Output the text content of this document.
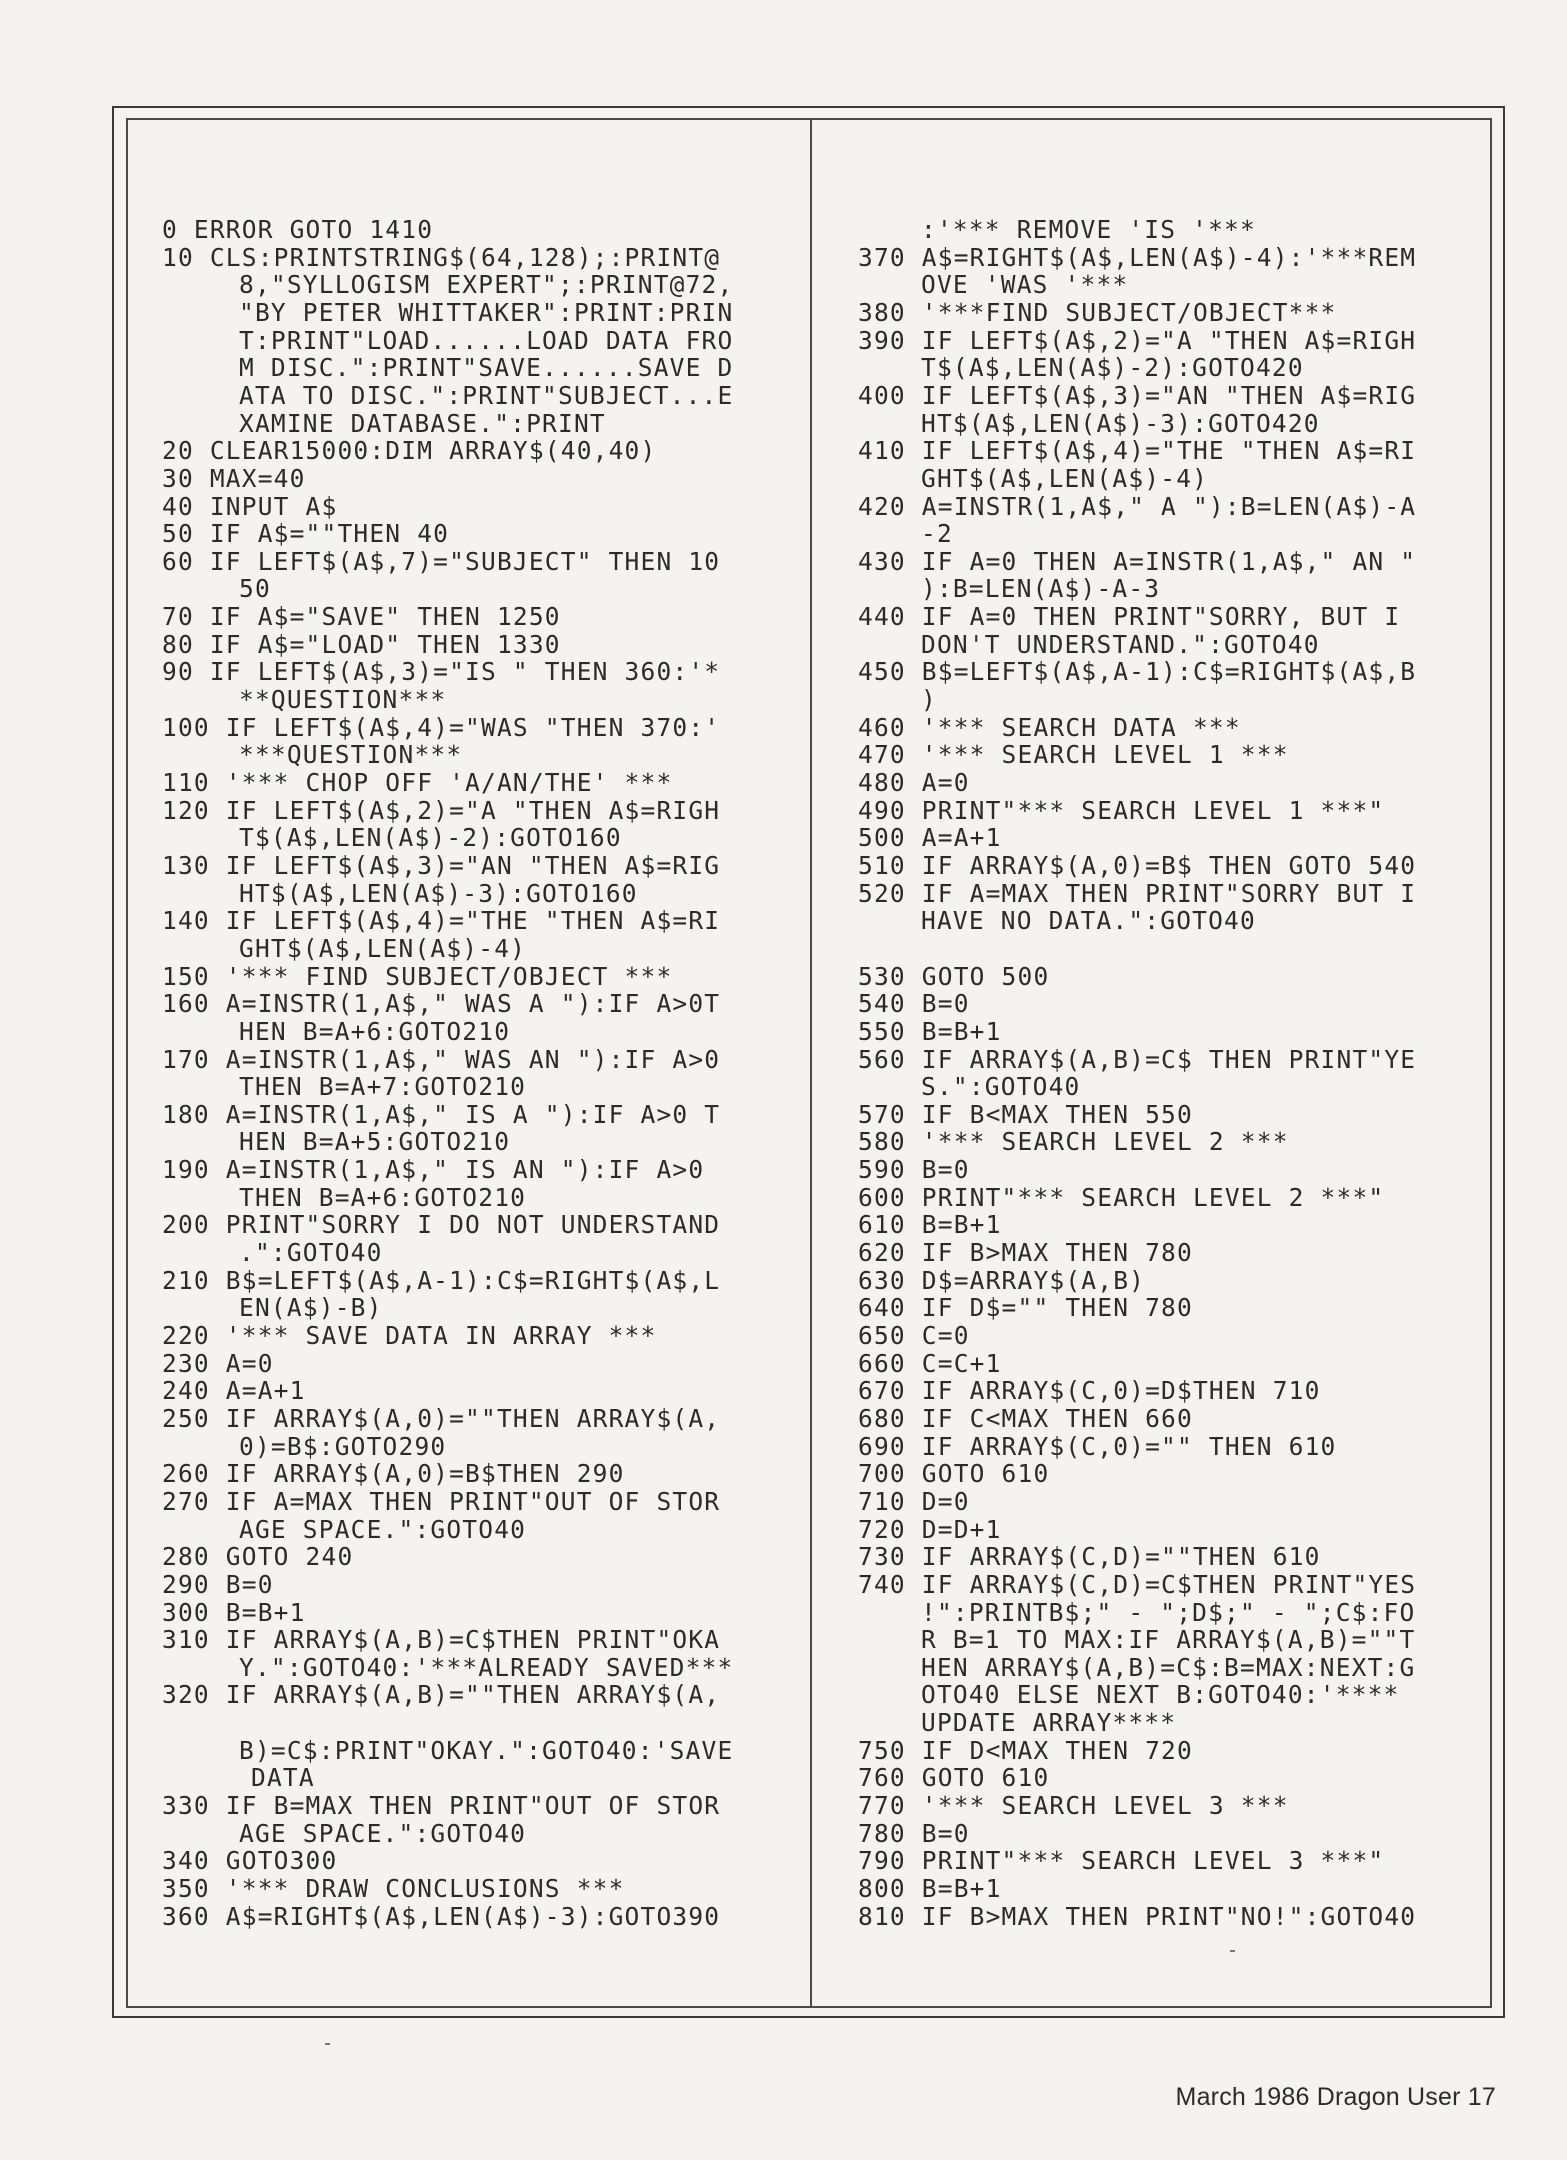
0 ERROR GOTO 1410
10 CLS:PRINTSTRING$(64,128);:PRINT@
8,"SYLLOGISM EXPERT";:PRINT@72,
"BY PETER WHITTAKER":PRINT:PRIN
T:PRINT"LOAD......LOAD DATA FRO
M DISC.":PRINT"SAVE......SAVE D
ATA TO DISC.":PRINT"SUBJECT...E
XAMINE DATABASE.":PRINT
20 CLEAR15000:DIM ARRAY$(40,40)
30 MAX=40
40 INPUT A$
50 IF A$=""THEN 40
60 IF LEFT$(A$,7)="SUBJECT" THEN 10
50
70 IF A$="SAVE" THEN 1250
80 IF A$="LOAD" THEN 1330
90 IF LEFT$(A$,3)="IS " THEN 360:'*
**QUESTION***
100 IF LEFT$(A$,4)="WAS "THEN 370:'
***QUESTION***
110 '*** CHOP OFF 'A/AN/THE' ***
120 IF LEFT$(A$,2)="A "THEN A$=RIGH
T$(A$,LEN(A$)-2):GOTO160
130 IF LEFT$(A$,3)="AN "THEN A$=RIG
HT$(A$,LEN(A$)-3):GOTO160
140 IF LEFT$(A$,4)="THE "THEN A$=RI
GHT$(A$,LEN(A$)-4)
150 '*** FIND SUBJECT/OBJECT ***
160 A=INSTR(1,A$," WAS A "):IF A>0T
HEN B=A+6:GOTO210
170 A=INSTR(1,A$," WAS AN "):IF A>0
THEN B=A+7:GOTO210
180 A=INSTR(1,A$," IS A "):IF A>0 T
HEN B=A+5:GOTO210
190 A=INSTR(1,A$," IS AN "):IF A>0
THEN B=A+6:GOTO210
200 PRINT"SORRY I DO NOT UNDERSTAND
.":GOTO40
210 B$=LEFT$(A$,A-1):C$=RIGHT$(A$,L
EN(A$)-B)
220 '*** SAVE DATA IN ARRAY ***
230 A=0
240 A=A+1
250 IF ARRAY$(A,0)=""THEN ARRAY$(A,
0)=B$:GOTO290
260 IF ARRAY$(A,0)=B$THEN 290
270 IF A=MAX THEN PRINT"OUT OF STOR
AGE SPACE.":GOTO40
280 GOTO 240
290 B=0
300 B=B+1
310 IF ARRAY$(A,B)=C$THEN PRINT"OKA
Y.":GOTO40:'***ALREADY SAVED***
320 IF ARRAY$(A,B)=""THEN ARRAY$(A,
B)=C$:PRINT"OKAY.":GOTO40:'SAVE
DATA
330 IF B=MAX THEN PRINT"OUT OF STOR
AGE SPACE.":GOTO40
340 GOTO300
350 '*** DRAW CONCLUSIONS ***
360 A$=RIGHT$(A$,LEN(A$)-3):GOTO390
:'*** REMOVE 'IS '***
370 A$=RIGHT$(A$,LEN(A$)-4):'***REM
OVE 'WAS '***
380 '***FIND SUBJECT/OBJECT***
390 IF LEFT$(A$,2)="A "THEN A$=RIGH
T$(A$,LEN(A$)-2):GOTO420
400 IF LEFT$(A$,3)="AN "THEN A$=RIG
HT$(A$,LEN(A$)-3):GOTO420
410 IF LEFT$(A$,4)="THE "THEN A$=RI
GHT$(A$,LEN(A$)-4)
420 A=INSTR(1,A$," A "):B=LEN(A$)-A
-2
430 IF A=0 THEN A=INSTR(1,A$," AN "
):B=LEN(A$)-A-3
440 IF A=0 THEN PRINT"SORRY, BUT I
DON'T UNDERSTAND.":GOTO40
450 B$=LEFT$(A$,A-1):C$=RIGHT$(A$,B
)
460 '*** SEARCH DATA ***
470 '*** SEARCH LEVEL 1 ***
480 A=0
490 PRINT"*** SEARCH LEVEL 1 ***"
500 A=A+1
510 IF ARRAY$(A,0)=B$ THEN GOTO 540
520 IF A=MAX THEN PRINT"SORRY BUT I
HAVE NO DATA.":GOTO40
530 GOTO 500
540 B=0
550 B=B+1
560 IF ARRAY$(A,B)=C$ THEN PRINT"YE
S.":GOTO40
570 IF B<MAX THEN 550
580 '*** SEARCH LEVEL 2 ***
590 B=0
600 PRINT"*** SEARCH LEVEL 2 ***"
610 B=B+1
620 IF B>MAX THEN 780
630 D$=ARRAY$(A,B)
640 IF D$="" THEN 780
650 C=0
660 C=C+1
670 IF ARRAY$(C,0)=D$THEN 710
680 IF C<MAX THEN 660
690 IF ARRAY$(C,0)="" THEN 610
700 GOTO 610
710 D=0
720 D=D+1
730 IF ARRAY$(C,D)=""THEN 610
740 IF ARRAY$(C,D)=C$THEN PRINT"YES
!":PRINTB$;" - ";D$;" - ";C$:FO
R B=1 TO MAX:IF ARRAY$(A,B)=""T
HEN ARRAY$(A,B)=C$:B=MAX:NEXT:G
OTO40 ELSE NEXT B:GOTO40:'****
UPDATE ARRAY****
750 IF D<MAX THEN 720
760 GOTO 610
770 '*** SEARCH LEVEL 3 ***
780 B=0
790 PRINT"*** SEARCH LEVEL 3 ***"
800 B=B+1
810 IF B>MAX THEN PRINT"NO!":GOTO40
March 1986 Dragon User 17
